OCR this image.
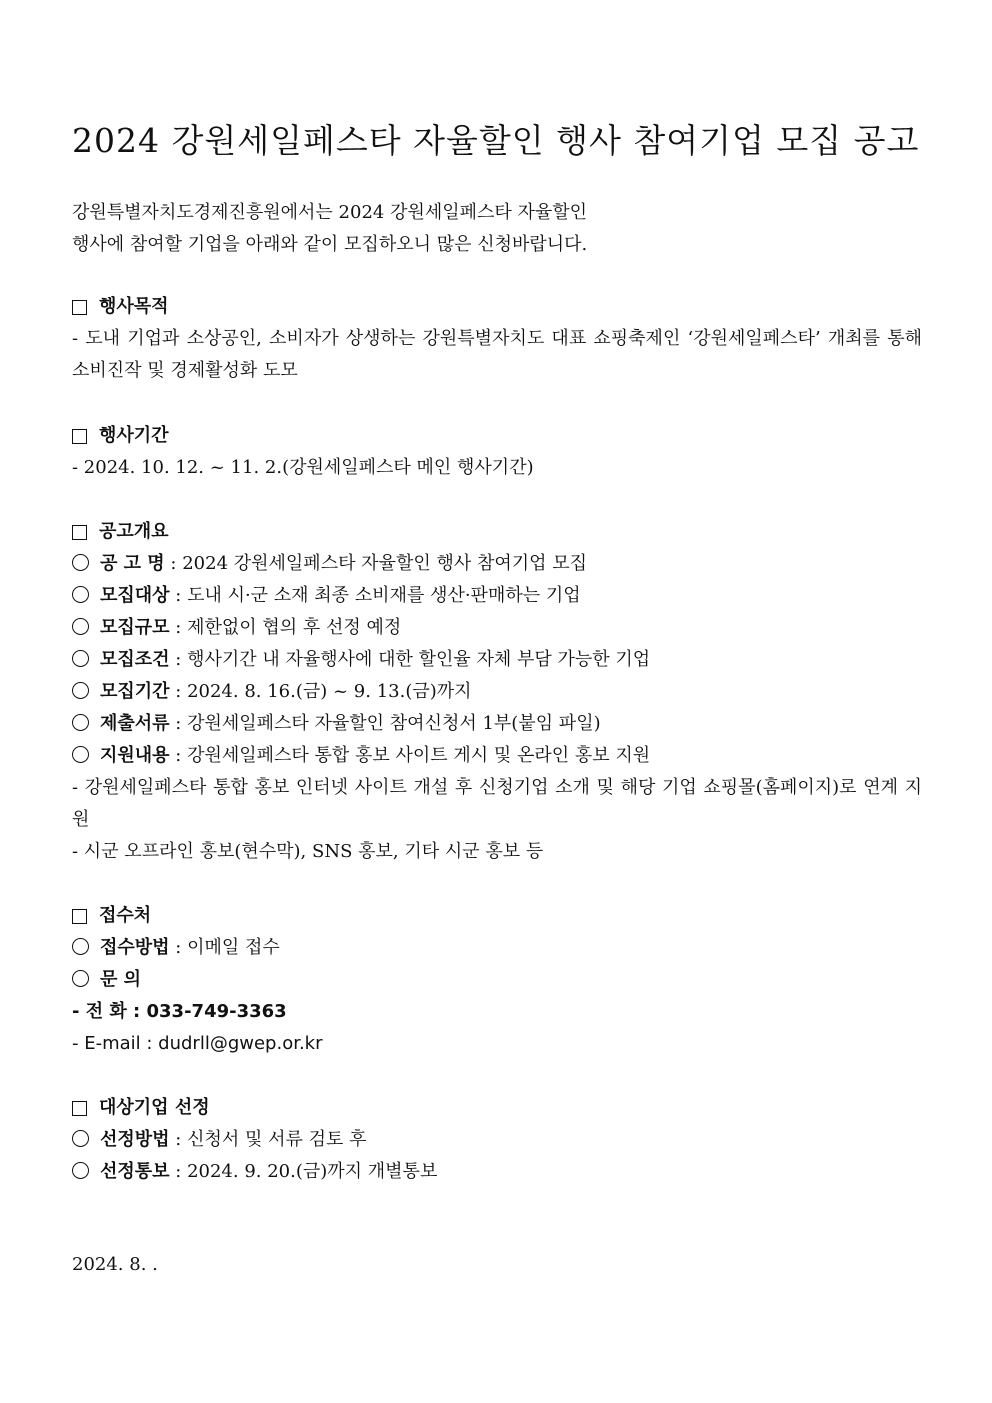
2024 강원세일페스타 자율할인 행사 참여기업 모집 공고
강원특별자치도경제진흥원에서는 2024 강원세일페스타 자율할인
행사에 참여할 기업을 아래와 같이 모집하오니 많은 신청바랍니다.
행사목적
- 도내 기업과 소상공인, 소비자가 상생하는 강원특별자치도 대표 쇼핑축제인 ‘강원세일페스타’ 개최를 통해 소비진작 및 경제활성화 도모
행사기간
- 2024. 10. 12. ~ 11. 2.(강원세일페스타 메인 행사기간)
공고개요
공 고 명 : 2024 강원세일페스타 자율할인 행사 참여기업 모집
모집대상 : 도내 시·군 소재 최종 소비재를 생산·판매하는 기업
모집규모 : 제한없이 협의 후 선정 예정
모집조건 : 행사기간 내 자율행사에 대한 할인율 자체 부담 가능한 기업
모집기간 : 2024. 8. 16.(금) ~ 9. 13.(금)까지
제출서류 : 강원세일페스타 자율할인 참여신청서 1부(붙임 파일)
지원내용 : 강원세일페스타 통합 홍보 사이트 게시 및 온라인 홍보 지원
- 강원세일페스타 통합 홍보 인터넷 사이트 개설 후 신청기업 소개 및 해당 기업 쇼핑몰(홈페이지)로 연계 지원
- 시군 오프라인 홍보(현수막), SNS 홍보, 기타 시군 홍보 등
접수처
접수방법 : 이메일 접수
문 의
- 전 화 : 033-749-3363
- E-mail : dudrll@gwep.or.kr
대상기업 선정
선정방법 : 신청서 및 서류 검토 후
선정통보 : 2024. 9. 20.(금)까지 개별통보
2024. 8. .
